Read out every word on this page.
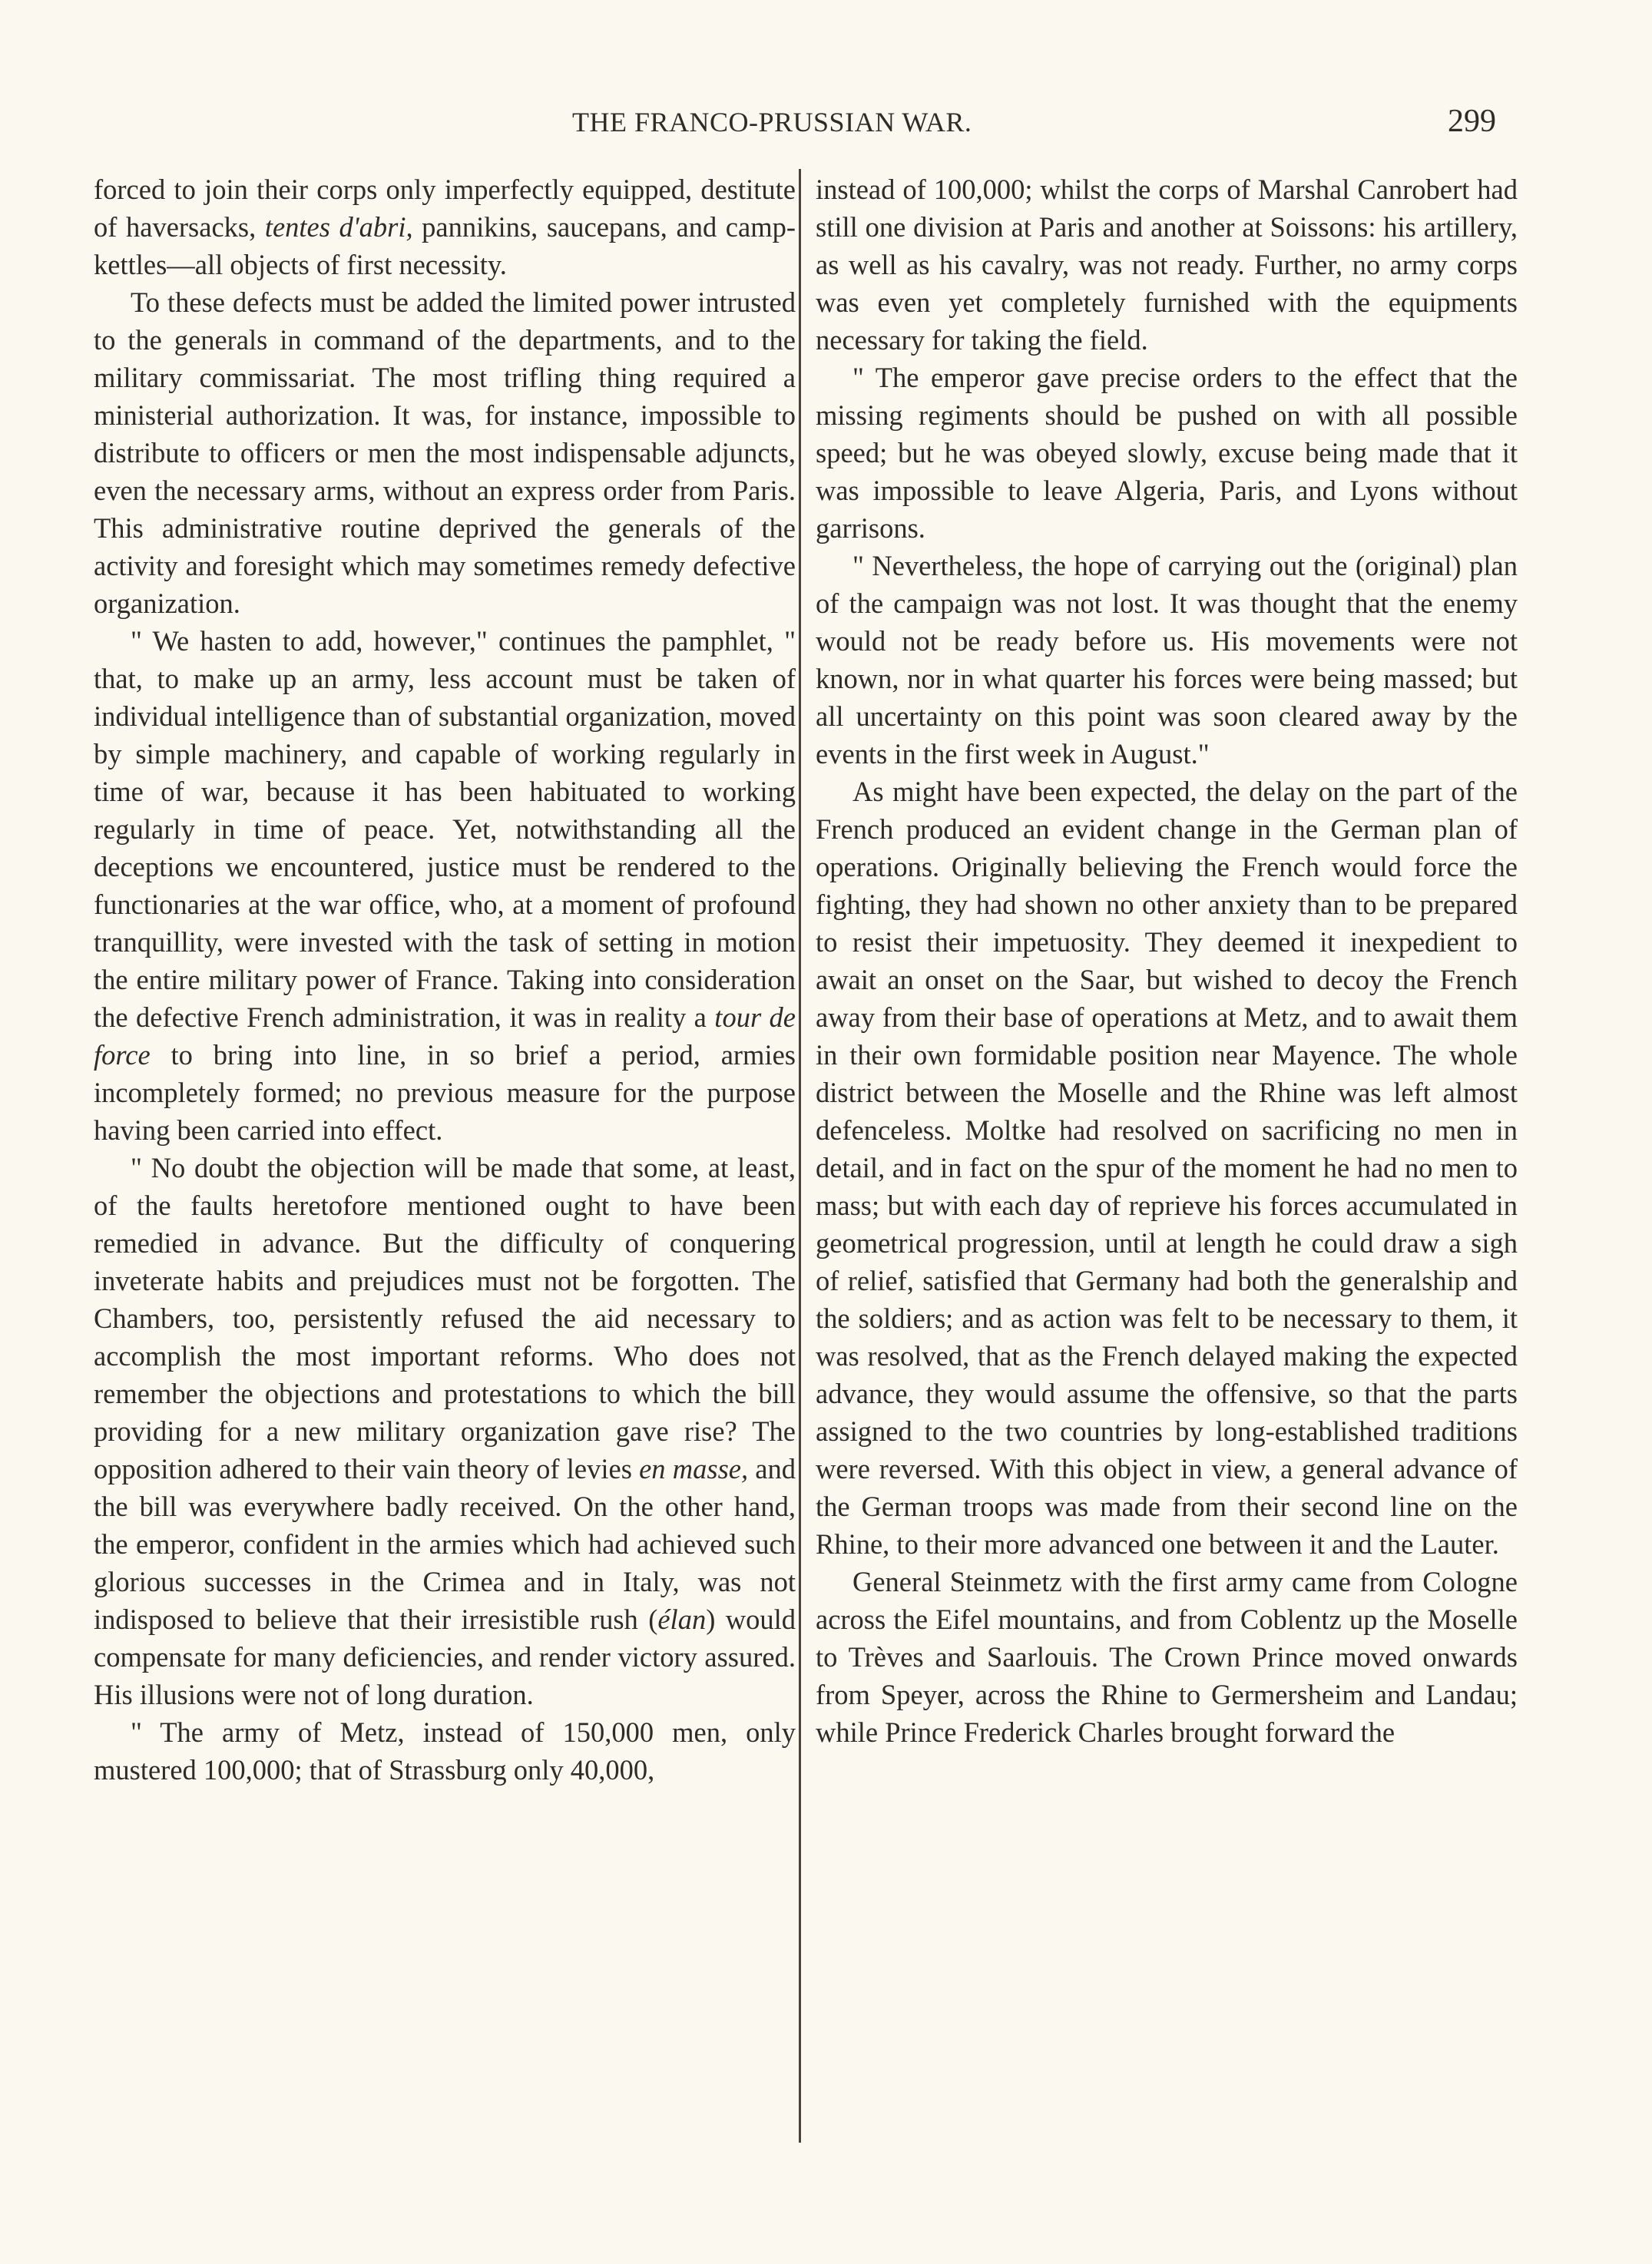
THE FRANCO-PRUSSIAN WAR.	299

forced to join their corps only imperfectly equipped, destitute of haversacks, tentes d'abri, pannikins, saucepans, and camp-kettles—all objects of first necessity.

To these defects must be added the limited power intrusted to the generals in command of the departments, and to the military commissariat. The most trifling thing required a ministerial authorization. It was, for instance, impossible to distribute to officers or men the most indispensable adjuncts, even the necessary arms, without an express order from Paris. This administrative routine deprived the generals of the activity and foresight which may sometimes remedy defective organization.

" We hasten to add, however," continues the pamphlet, " that, to make up an army, less account must be taken of individual intelligence than of substantial organization, moved by simple machinery, and capable of working regularly in time of war, because it has been habituated to working regularly in time of peace. Yet, notwithstanding all the deceptions we encountered, justice must be rendered to the functionaries at the war office, who, at a moment of profound tranquillity, were invested with the task of setting in motion the entire military power of France. Taking into consideration the defective French administration, it was in reality a tour de force to bring into line, in so brief a period, armies incompletely formed; no previous measure for the purpose having been carried into effect.

" No doubt the objection will be made that some, at least, of the faults heretofore mentioned ought to have been remedied in advance. But the difficulty of conquering inveterate habits and prejudices must not be forgotten. The Chambers, too, persistently refused the aid necessary to accomplish the most important reforms. Who does not remember the objections and protestations to which the bill providing for a new military organization gave rise? The opposition adhered to their vain theory of levies en masse, and the bill was everywhere badly received. On the other hand, the emperor, confident in the armies which had achieved such glorious successes in the Crimea and in Italy, was not indisposed to believe that their irresistible rush (élan) would compensate for many deficiencies, and render victory assured. His illusions were not of long duration.

" The army of Metz, instead of 150,000 men, only mustered 100,000; that of Strassburg only 40,000,

instead of 100,000; whilst the corps of Marshal Canrobert had still one division at Paris and another at Soissons: his artillery, as well as his cavalry, was not ready. Further, no army corps was even yet completely furnished with the equipments necessary for taking the field.

" The emperor gave precise orders to the effect that the missing regiments should be pushed on with all possible speed; but he was obeyed slowly, excuse being made that it was impossible to leave Algeria, Paris, and Lyons without garrisons.

" Nevertheless, the hope of carrying out the (original) plan of the campaign was not lost. It was thought that the enemy would not be ready before us. His movements were not known, nor in what quarter his forces were being massed; but all uncertainty on this point was soon cleared away by the events in the first week in August."

As might have been expected, the delay on the part of the French produced an evident change in the German plan of operations. Originally believing the French would force the fighting, they had shown no other anxiety than to be prepared to resist their impetuosity. They deemed it inexpedient to await an onset on the Saar, but wished to decoy the French away from their base of operations at Metz, and to await them in their own formidable position near Mayence. The whole district between the Moselle and the Rhine was left almost defenceless. Moltke had resolved on sacrificing no men in detail, and in fact on the spur of the moment he had no men to mass; but with each day of reprieve his forces accumulated in geometrical progression, until at length he could draw a sigh of relief, satisfied that Germany had both the generalship and the soldiers; and as action was felt to be necessary to them, it was resolved, that as the French delayed making the expected advance, they would assume the offensive, so that the parts assigned to the two countries by long-established traditions were reversed. With this object in view, a general advance of the German troops was made from their second line on the Rhine, to their more advanced one between it and the Lauter.

General Steinmetz with the first army came from Cologne across the Eifel mountains, and from Coblentz up the Moselle to Trèves and Saarlouis. The Crown Prince moved onwards from Speyer, across the Rhine to Germersheim and Landau; while Prince Frederick Charles brought forward the
